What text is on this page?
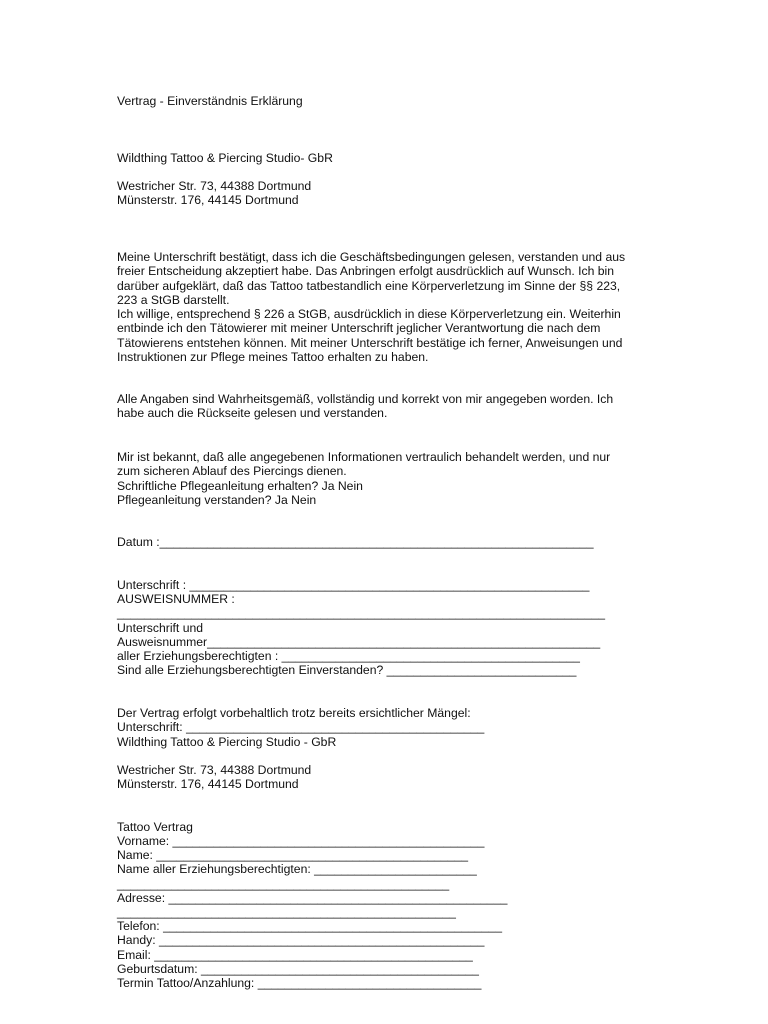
Vertrag - Einverständnis Erklärung
Wildthing Tattoo & Piercing Studio- GbR
Westricher Str. 73, 44388 Dortmund
Münsterstr. 176, 44145 Dortmund
Meine Unterschrift bestätigt, dass ich die Geschäftsbedingungen gelesen, verstanden und aus
freier Entscheidung akzeptiert habe. Das Anbringen erfolgt ausdrücklich auf Wunsch. Ich bin
darüber aufgeklärt, daß das Tattoo tatbestandlich eine Körperverletzung im Sinne der §§ 223,
223 a StGB darstellt.
Ich willige, entsprechend § 226 a StGB, ausdrücklich in diese Körperverletzung ein. Weiterhin
entbinde ich den Tätowierer mit meiner Unterschrift jeglicher Verantwortung die nach dem
Tätowierens entstehen können. Mit meiner Unterschrift bestätige ich ferner, Anweisungen und
Instruktionen zur Pflege meines Tattoo erhalten zu haben.
Alle Angaben sind Wahrheitsgemäß, vollständig und korrekt von mir angegeben worden. Ich
habe auch die Rückseite gelesen und verstanden.
Mir ist bekannt, daß alle angegebenen Informationen vertraulich behandelt werden, und nur
zum sicheren Ablauf des Piercings dienen.
Schriftliche Pflegeanleitung erhalten? Ja Nein
Pflegeanleitung verstanden? Ja Nein
Datum :________________________________________________________________
Unterschrift : ___________________________________________________________
AUSWEISNUMMER :
________________________________________________________________________
Unterschrift und
Ausweisnummer__________________________________________________________
aller Erziehungsberechtigten : ____________________________________________
Sind alle Erziehungsberechtigten Einverstanden? ____________________________
Der Vertrag erfolgt vorbehaltlich trotz bereits ersichtlicher Mängel:
Unterschrift: ____________________________________________
Wildthing Tattoo & Piercing Studio - GbR
Westricher Str. 73, 44388 Dortmund
Münsterstr. 176, 44145 Dortmund
Tattoo Vertrag
Vorname: ______________________________________________
Name: ______________________________________________
Name aller Erziehungsberechtigten: ________________________
_________________________________________________
Adresse: __________________________________________________
__________________________________________________
Telefon: __________________________________________________
Handy: ________________________________________________
Email: _______________________________________________
Geburtsdatum: _________________________________________
Termin Tattoo/Anzahlung: _________________________________
